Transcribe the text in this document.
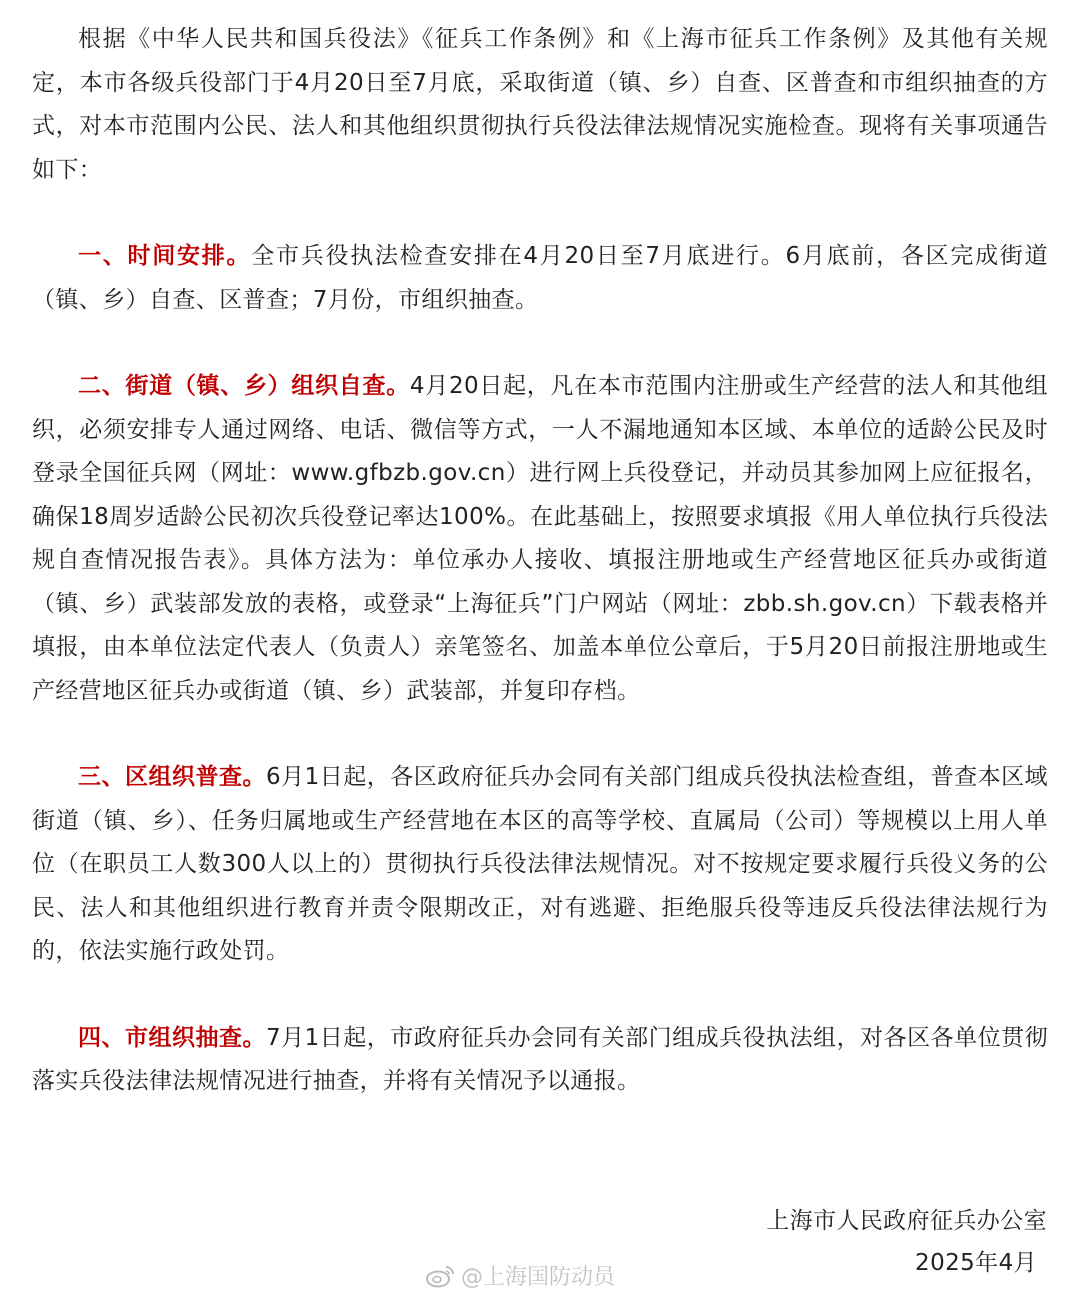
根据《中华人民共和国兵役法》《征兵工作条例》和《上海市征兵工作条例》及其他有关规定，本市各级兵役部门于4月20日至7月底，采取街道（镇、乡）自查、区普查和市组织抽查的方式，对本市范围内公民、法人和其他组织贯彻执行兵役法律法规情况实施检查。现将有关事项通告如下：

一、时间安排。全市兵役执法检查安排在4月20日至7月底进行。6月底前，各区完成街道（镇、乡）自查、区普查；7月份，市组织抽查。

二、街道（镇、乡）组织自查。4月20日起，凡在本市范围内注册或生产经营的法人和其他组织，必须安排专人通过网络、电话、微信等方式，一人不漏地通知本区域、本单位的适龄公民及时登录全国征兵网（网址：www.gfbzb.gov.cn）进行网上兵役登记，并动员其参加网上应征报名，确保18周岁适龄公民初次兵役登记率达100%。在此基础上，按照要求填报《用人单位执行兵役法规自查情况报告表》。具体方法为：单位承办人接收、填报注册地或生产经营地区征兵办或街道（镇、乡）武装部发放的表格，或登录“上海征兵”门户网站（网址：zbb.sh.gov.cn）下载表格并填报，由本单位法定代表人（负责人）亲笔签名、加盖本单位公章后，于5月20日前报注册地或生产经营地区征兵办或街道（镇、乡）武装部，并复印存档。

三、区组织普查。6月1日起，各区政府征兵办会同有关部门组成兵役执法检查组，普查本区域街道（镇、乡）、任务归属地或生产经营地在本区的高等学校、直属局（公司）等规模以上用人单位（在职员工人数300人以上的）贯彻执行兵役法律法规情况。对不按规定要求履行兵役义务的公民、法人和其他组织进行教育并责令限期改正，对有逃避、拒绝服兵役等违反兵役法律法规行为的，依法实施行政处罚。

四、市组织抽查。7月1日起，市政府征兵办会同有关部门组成兵役执法组，对各区各单位贯彻落实兵役法律法规情况进行抽查，并将有关情况予以通报。

上海市人民政府征兵办公室
2025年4月
@上海国防动员
